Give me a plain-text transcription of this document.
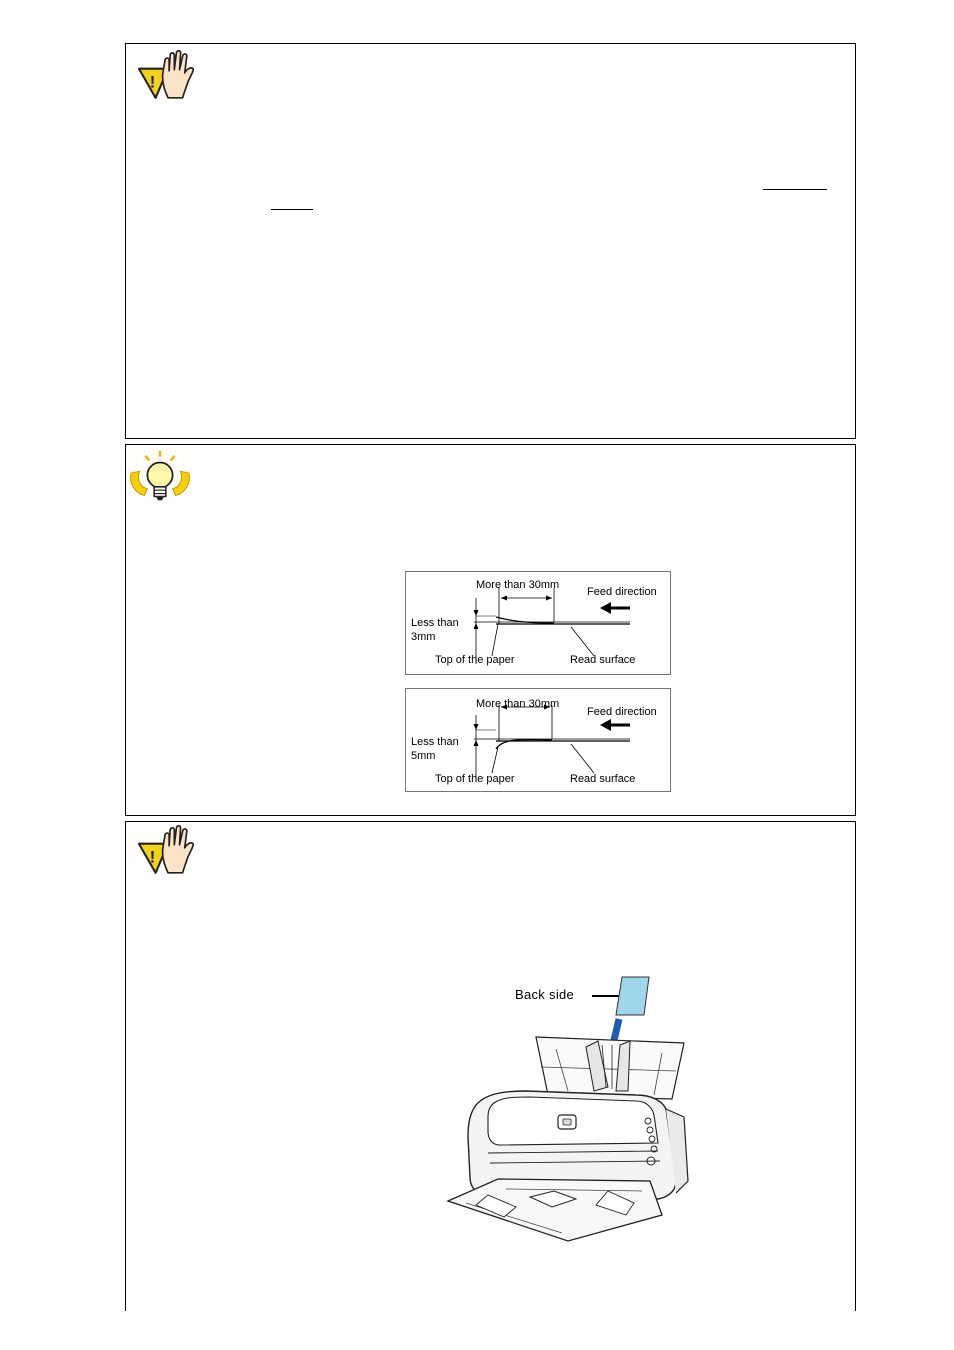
More than 30mm
Feed direction
Less than
3mm
Top of the paper	Read surface
More than 30mm
Feed direction
Less than
5mm
Top of the paper	Read surface
Back side
